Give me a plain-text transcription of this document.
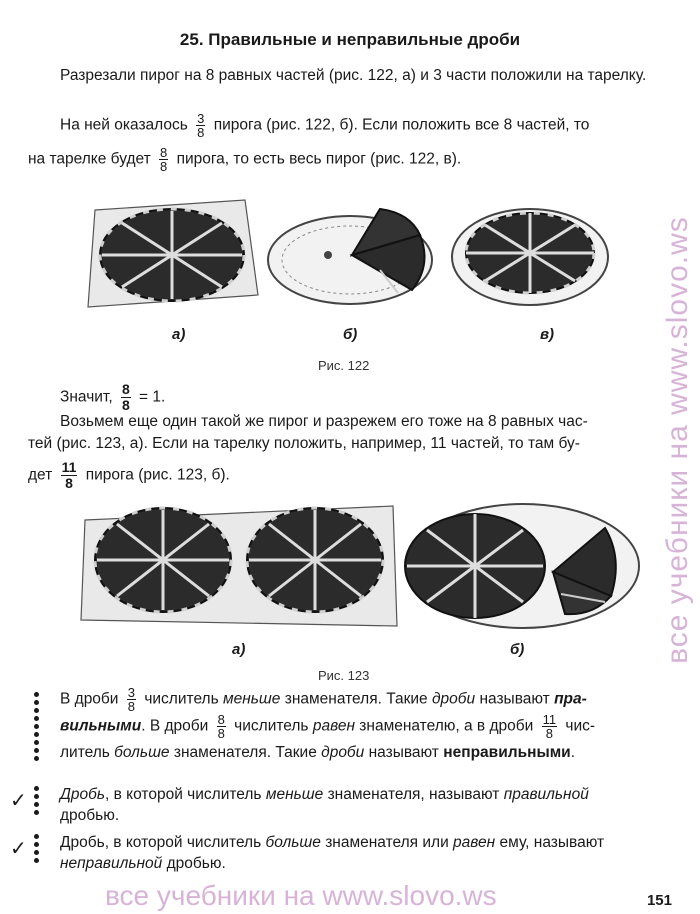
25. Правильные и неправильные дроби
Разрезали пирог на 8 равных частей (рис. 122, а) и 3 части положили на тарелку.
На ней оказалось $\frac{3}{8}$ пирога (рис. 122, б). Если положить все 8 частей, то
на тарелке будет $\frac{8}{8}$ пирога, то есть весь пирог (рис. 122, в).
а)	б)	в)
Рис. 122
Значит, $\frac{8}{8} = 1$.
Возьмем еще один такой же пирог и разрежем его тоже на 8 равных час-
тей (рис. 123, а). Если на тарелку положить, например, 11 частей, то там бу-
дет $\frac{11}{8}$ пирога (рис. 123, б).
а)	б)
Рис. 123
В дроби $\frac{3}{8}$ числитель меньше знаменателя. Такие дроби называют пра-
вильными. В дроби $\frac{8}{8}$ числитель равен знаменателю, а в дроби $\frac{11}{8} чис-$
литель больше знаменателя. Такие дроби называют неправильными.
✓ Дробь, в которой числитель меньше знаменателя, называют правильной
дробью.
✓ Дробь, в которой числитель больше знаменателя или равен ему, называют
неправильной дробью.
все учебники на www.slovo.ws
все учебники на www.slovo.ws	151
